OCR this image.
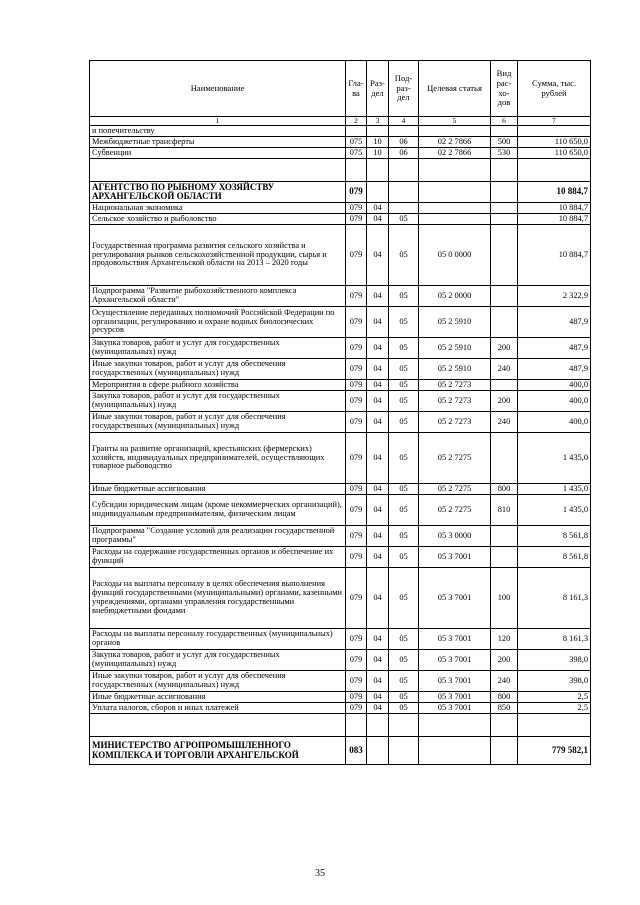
Наименование	Гла-ва	Раз-дел	Под-раз-дел	Целевая статья	Вид рас-хо-дов	Сумма, тыс. рублей
1	2	3	4	5	6	7
и попечительству						
Межбюджетные трансферты	075	10	06	02 2 7866	500	110 650,0
Субвенции	075	10	06	02 2 7866	530	110 650,0

АГЕНТСТВО ПО РЫБНОМУ ХОЗЯЙСТВУ АРХАНГЕЛЬСКОЙ ОБЛАСТИ	079					10 884,7
Национальная экономика	079	04				10 884,7
Сельское хозяйство и рыболовство	079	04	05			10 884,7
Государственная программа развития сельского хозяйства и регулирования рынков сельскохозяйственной продукции, сырья и продовольствия Архангельской области на 2013 – 2020 годы	079	04	05	05 0 0000		10 884,7
Подпрограмма "Развитие рыбохозяйственного комплекса Архангельской области"	079	04	05	05 2 0000		2 322,9
Осуществление переданных полномочий Российской Федерации по организации, регулированию и охране водных биологических ресурсов	079	04	05	05 2 5910		487,9
Закупка товаров, работ и услуг для государственных (муниципальных) нужд	079	04	05	05 2 5910	200	487,9
Иные закупки товаров, работ и услуг для обеспечения государственных (муниципальных) нужд	079	04	05	05 2 5910	240	487,9
Мероприятия в сфере рыбного хозяйства	079	04	05	05 2 7273		400,0
Закупка товаров, работ и услуг для государственных (муниципальных) нужд	079	04	05	05 2 7273	200	400,0
Иные закупки товаров, работ и услуг для обеспечения государственных (муниципальных) нужд	079	04	05	05 2 7273	240	400,0
Гранты на развитие организаций, крестьянских (фермерских) хозяйств, индивидуальных предпринимателей, осуществляющих товарное рыбоводство	079	04	05	05 2 7275		1 435,0
Иные бюджетные ассигнования	079	04	05	05 2 7275	800	1 435,0
Субсидии юридическим лицам (кроме некоммерческих организаций), индивидуальным предпринимателям, физическим лицам	079	04	05	05 2 7275	810	1 435,0
Подпрограмма "Создание условий для реализации государственной программы"	079	04	05	05 3 0000		8 561,8
Расходы на содержание государственных органов и обеспечение их функций	079	04	05	05 3 7001		8 561,8
Расходы на выплаты персоналу в целях обеспечения выполнения функций государственными (муниципальными) органами, казенными учреждениями, органами управления государственными внебюджетными фондами	079	04	05	05 3 7001	100	8 161,3
Расходы на выплаты персоналу государственных (муниципальных) органов	079	04	05	05 3 7001	120	8 161,3
Закупка товаров, работ и услуг для государственных (муниципальных) нужд	079	04	05	05 3 7001	200	398,0
Иные закупки товаров, работ и услуг для обеспечения государственных (муниципальных) нужд	079	04	05	05 3 7001	240	398,0
Иные бюджетные ассигнования	079	04	05	05 3 7001	800	2,5
Уплата налогов, сборов и иных платежей	079	04	05	05 3 7001	850	2,5

МИНИСТЕРСТВО АГРОПРОМЫШЛЕННОГО КОМПЛЕКСА И ТОРГОВЛИ АРХАНГЕЛЬСКОЙ	083					779 582,1
35
